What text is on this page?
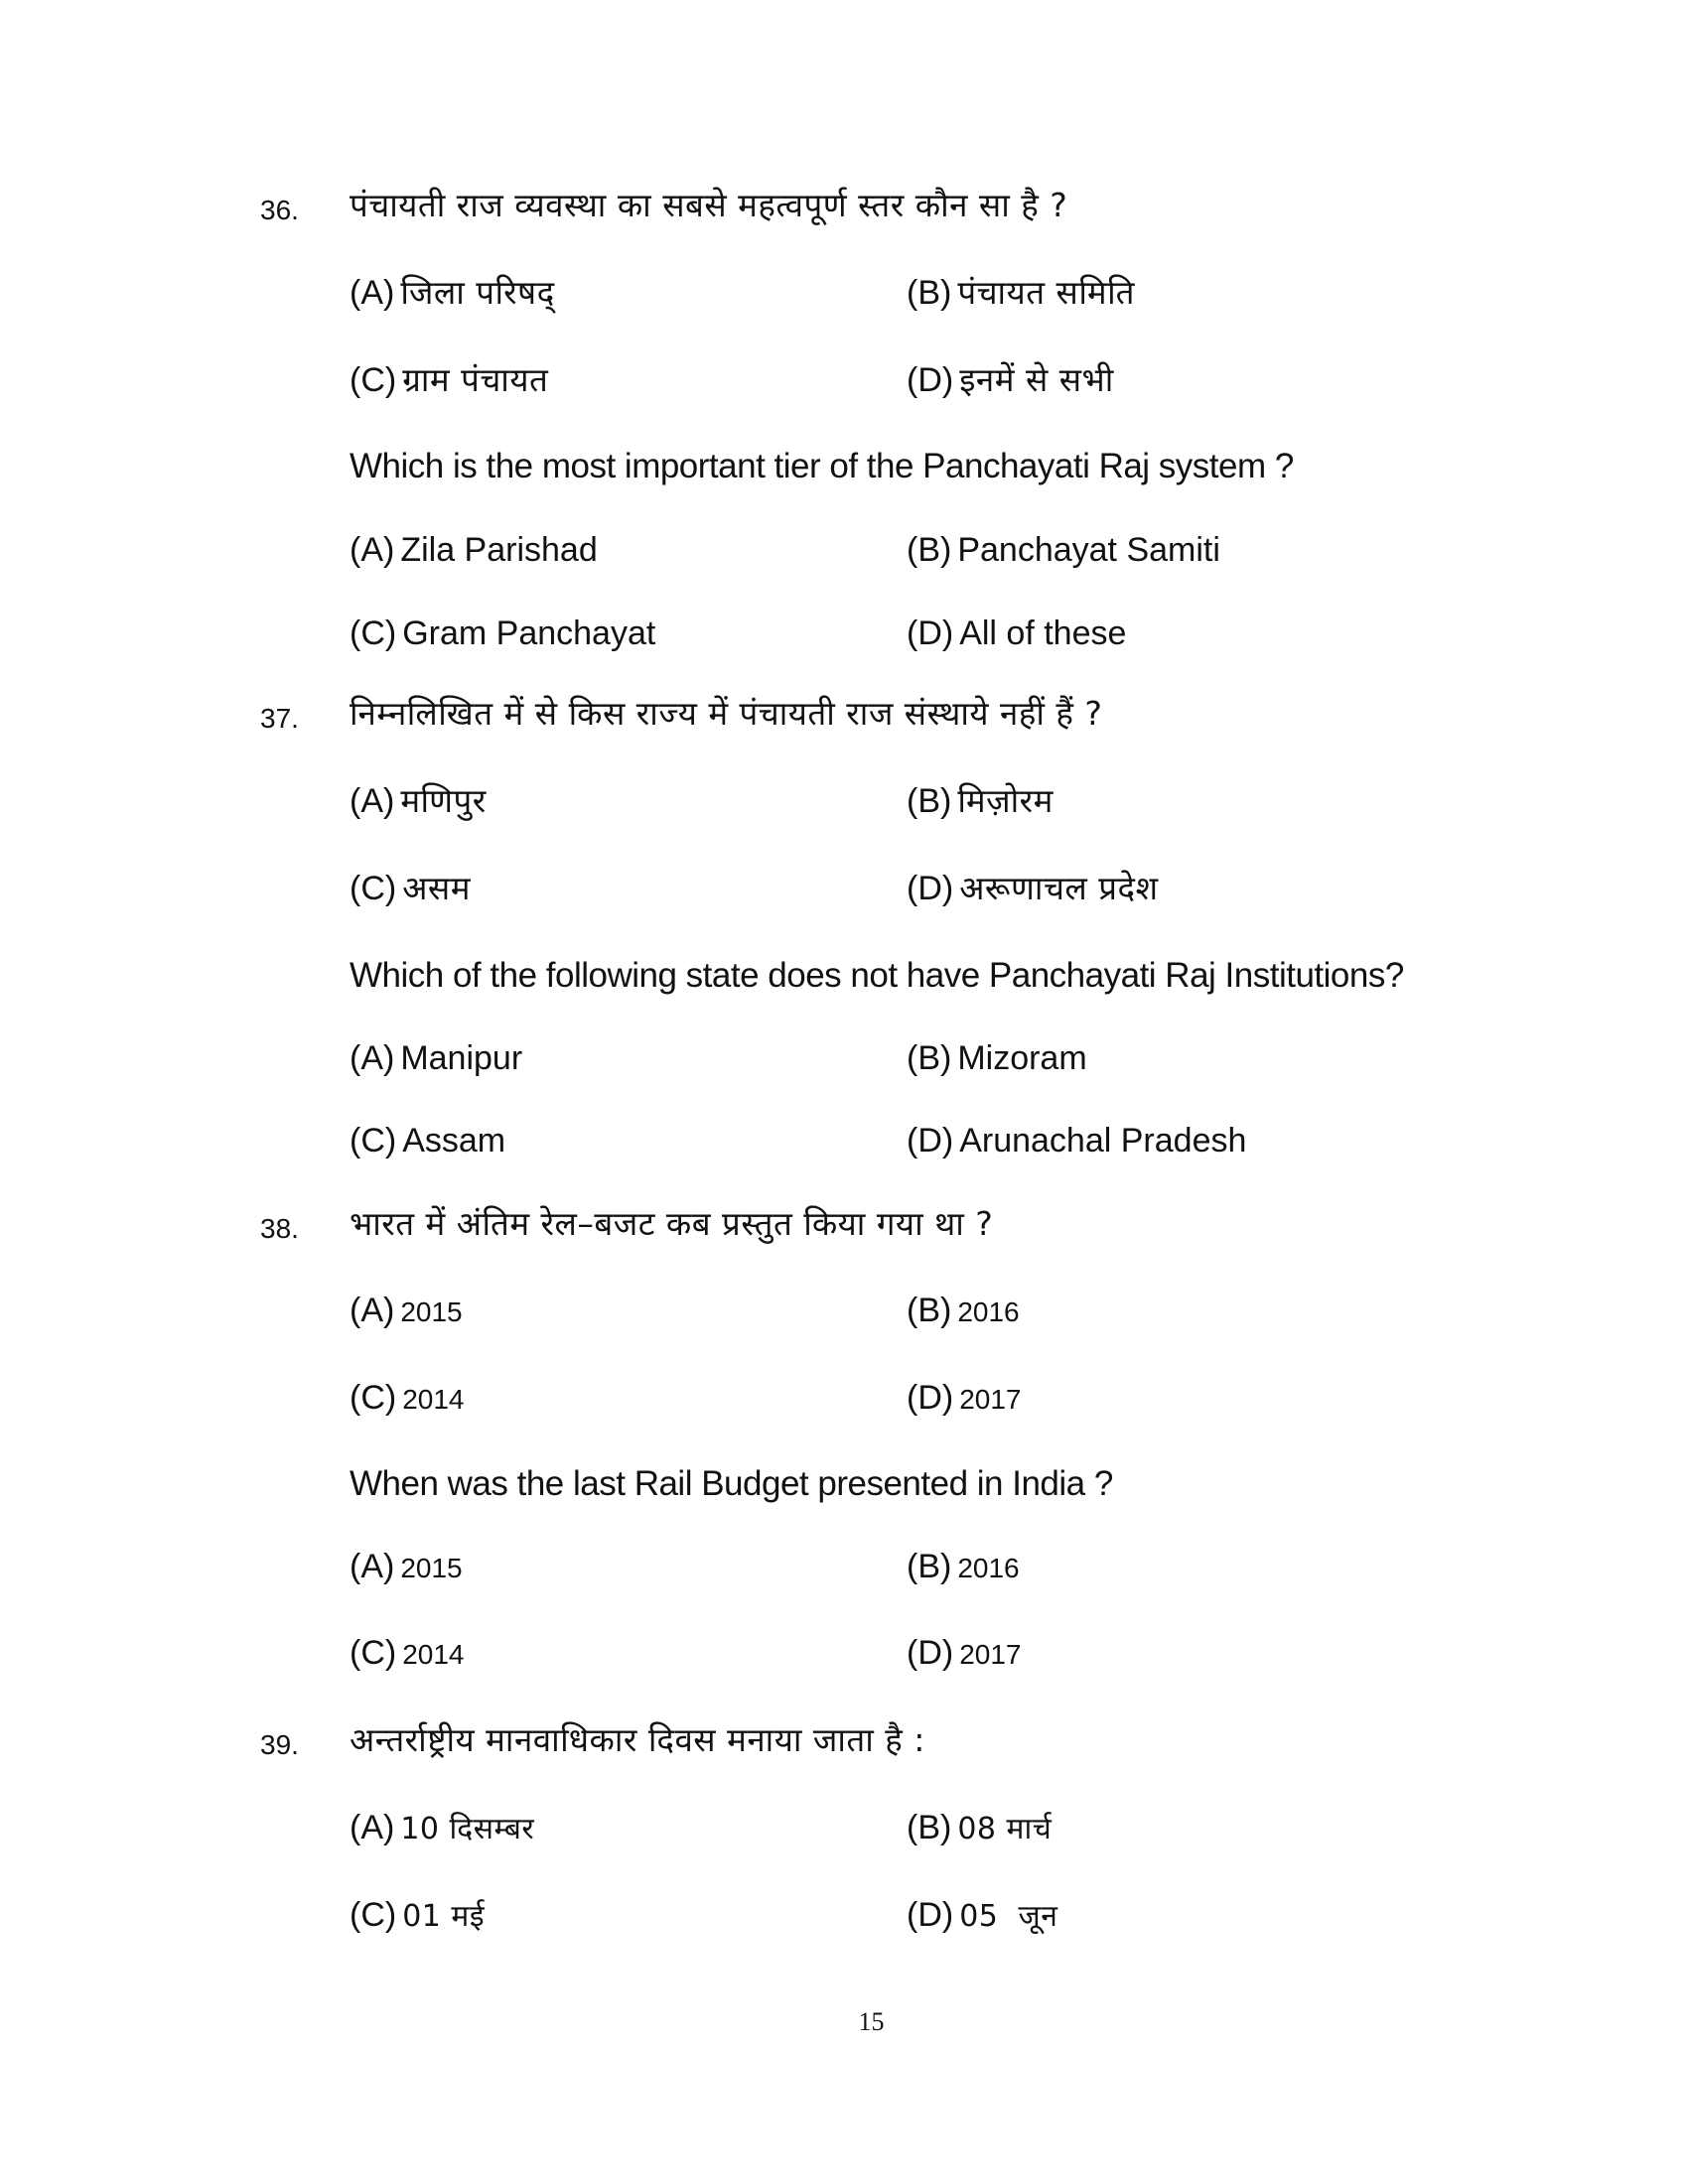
36. पंचायती राज व्यवस्था का सबसे महत्वपूर्ण स्तर कौन सा है ?
(A) जिला परिषद्	(B) पंचायत समिति
(C) ग्राम पंचायत	(D) इनमें से सभी
Which is the most important tier of the Panchayati Raj system ?
(A) Zila Parishad	(B) Panchayat Samiti
(C) Gram Panchayat	(D) All of these
37. निम्नलिखित में से किस राज्य में पंचायती राज संस्थाये नहीं हैं ?
(A) मणिपुर	(B) मिज़ोरम
(C) असम	(D) अरूणाचल प्रदेश
Which of the following state does not have Panchayati Raj Institutions?
(A) Manipur	(B) Mizoram
(C) Assam	(D) Arunachal Pradesh
38. भारत में अंतिम रेल–बजट कब प्रस्तुत किया गया था ?
(A) 2015	(B) 2016
(C) 2014	(D) 2017
When was the last Rail Budget presented in India ?
(A) 2015	(B) 2016
(C) 2014	(D) 2017
39. अन्तर्राष्ट्रीय मानवाधिकार दिवस मनाया जाता है :
(A) 10 दिसम्बर	(B) 08 मार्च
(C) 01 मई	(D) 05  जून
15
